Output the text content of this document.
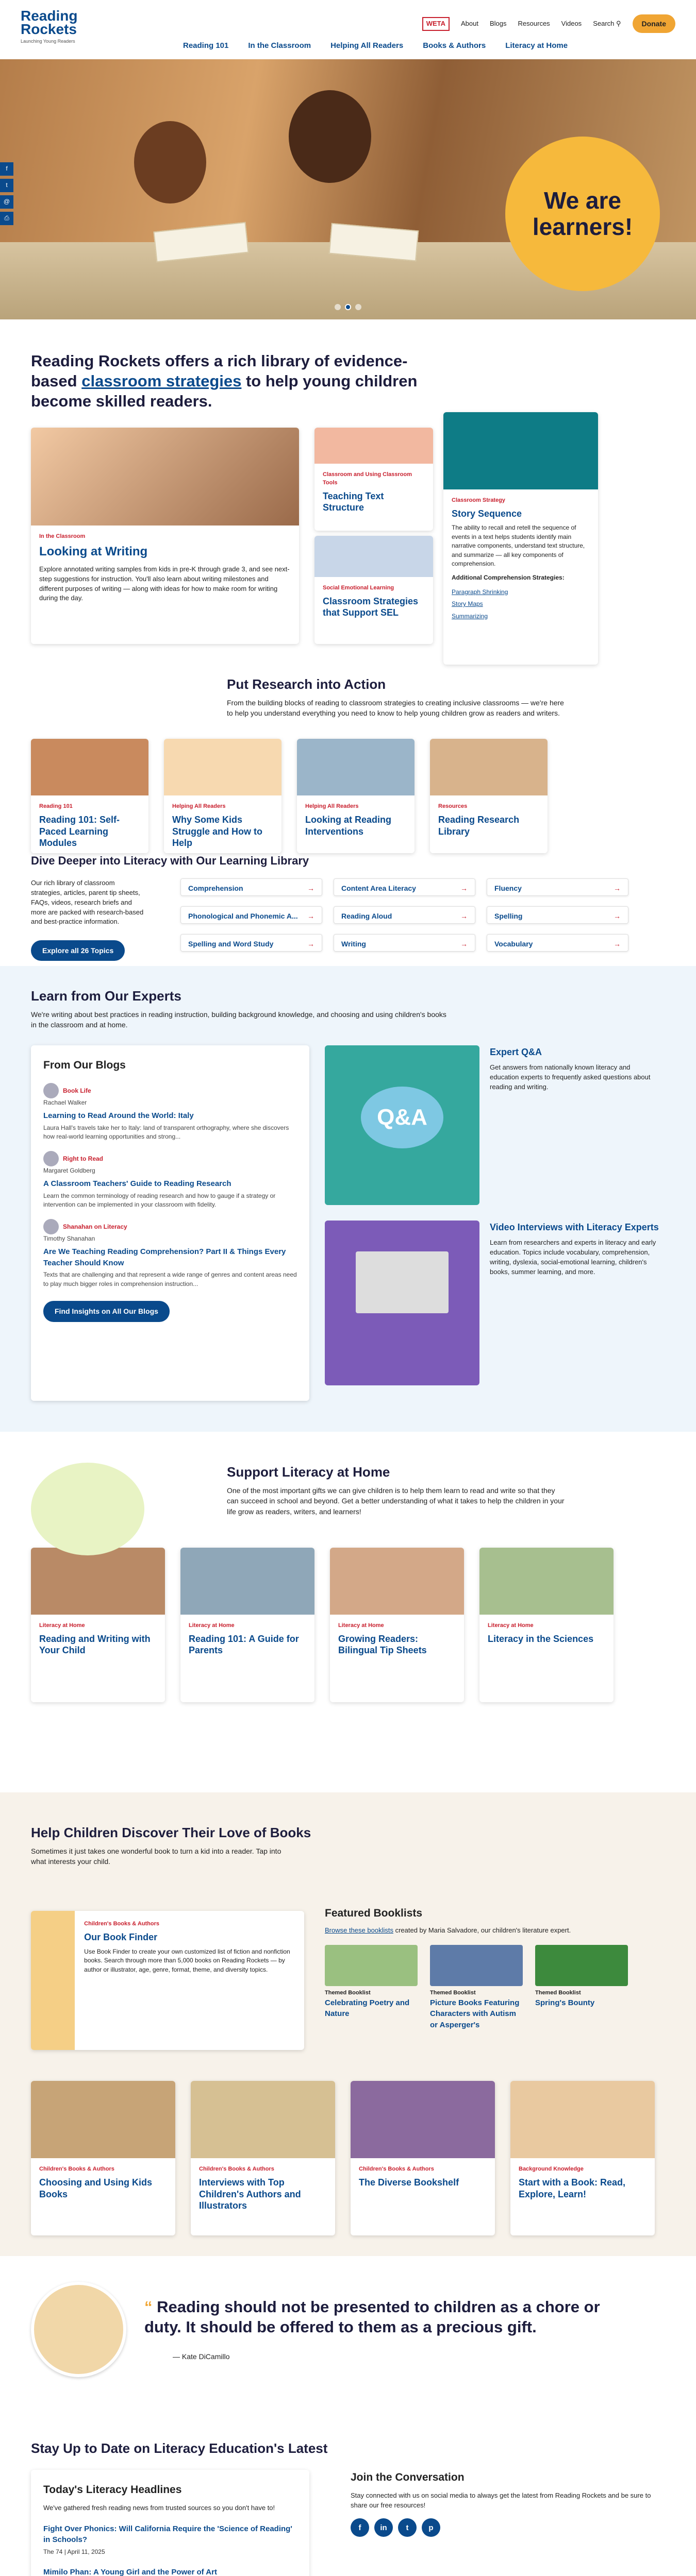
Reading Rockets
Launching Young Readers
WETA	About Blogs Resources Videos Search ⚲	Donate
Reading 101	In the Classroom	Helping All Readers	Books & Authors	Literacy at Home
f
t
@
⎙
We are learners!
Reading Rockets offers a rich library of evidence-based classroom strategies to help young children become skilled readers.
In the Classroom
Looking at Writing

Explore annotated writing samples from kids in pre-K through grade 3, and see next-step suggestions for instruction. You'll also learn about writing milestones and different purposes of writing — along with ideas for how to make room for writing during the day.

Classroom and Using Classroom Tools
Teaching Text Structure
Social Emotional Learning
Classroom Strategies that Support SEL
Classroom Strategy
Story Sequence

The ability to recall and retell the sequence of events in a text helps students identify main narrative components, understand text structure, and summarize — all key components of comprehension.

Additional Comprehension Strategies:

Paragraph Shrinking
Story Maps
Summarizing
Put Research into Action

From the building blocks of reading to classroom strategies to creating inclusive classrooms — we're here to help you understand everything you need to know to help young children grow as readers and writers.

Reading 101
Reading 101: Self-Paced Learning Modules
Helping All Readers
Why Some Kids Struggle and How to Help
Helping All Readers
Looking at Reading Interventions
Resources
Reading Research Library
Dive Deeper into Literacy with Our Learning Library

Our rich library of classroom strategies, articles, parent tip sheets, FAQs, videos, research briefs and more are packed with research-based and best-practice information.

Explore all 26 Topics
Comprehension	→	Content Area Literacy	→	Fluency	→
Phonological and Phonemic A... →	Reading Aloud	→	Spelling	→
Spelling and Word Study	→	Writing	→	Vocabulary	→
Learn from Our Experts

We're writing about best practices in reading instruction, building background knowledge, and choosing and using children's books in the classroom and at home.

From Our Blogs
Book Life
Rachael Walker
Learning to Read Around the World: Italy
Laura Hall's travels take her to Italy: land of transparent orthography, where she discovers how real-world learning opportunities and strong...
Right to Read
Margaret Goldberg
A Classroom Teachers' Guide to Reading Research
Learn the common terminology of reading research and how to gauge if a strategy or intervention can be implemented in your classroom with fidelity.
Shanahan on Literacy
Timothy Shanahan
Are We Teaching Reading Comprehension? Part II & Things Every Teacher Should Know
Texts that are challenging and that represent a wide range of genres and content areas need to play much bigger roles in comprehension instruction...
Find Insights on All Our Blogs
Q&A
Expert Q&A

Get answers from nationally known literacy and education experts to frequently asked questions about reading and writing.

Video Interviews with Literacy Experts

Learn from researchers and experts in literacy and early education. Topics include vocabulary, comprehension, writing, dyslexia, social-emotional learning, children's books, summer learning, and more.

Support Literacy at Home

One of the most important gifts we can give children is to help them learn to read and write so that they can succeed in school and beyond. Get a better understanding of what it takes to help the children in your life grow as readers, writers, and learners!

Literacy at Home
Reading and Writing with Your Child
Literacy at Home
Reading 101: A Guide for Parents
Literacy at Home
Growing Readers: Bilingual Tip Sheets
Literacy at Home
Literacy in the Sciences
Help Children Discover Their Love of Books

Sometimes it just takes one wonderful book to turn a kid into a reader. Tap into what interests your child.

Children's Books & Authors
Our Book Finder

Use Book Finder to create your own customized list of fiction and nonfiction books. Search through more than 5,000 books on Reading Rockets — by author or illustrator, age, genre, format, theme, and diversity topics.

Featured Booklists

Browse these booklists created by Maria Salvadore, our children's literature expert.

Themed Booklist
Celebrating Poetry and Nature
Themed Booklist
Picture Books Featuring Characters with Autism or Asperger's
Themed Booklist
Spring's Bounty
Children's Books & Authors
Choosing and Using Kids Books
Children's Books & Authors
Interviews with Top Children's Authors and Illustrators
Children's Books & Authors
The Diverse Bookshelf
Background Knowledge
Start with a Book: Read, Explore, Learn!
“ Reading should not be presented to children as a chore or duty. It should be offered to them as a precious gift.
— Kate DiCamillo
Stay Up to Date on Literacy Education's Latest
Today's Literacy Headlines

We've gathered fresh reading news from trusted sources so you don't have to!

Fight Over Phonics: Will California Require the 'Science of Reading' in Schools?
The 74 | April 11, 2025
Mimilo Phan: A Young Girl and the Power of Art
Join the Conversation

Stay connected with us on social media to always get the latest from Reading Rockets and be sure to share our free resources!

f	in	t	p
